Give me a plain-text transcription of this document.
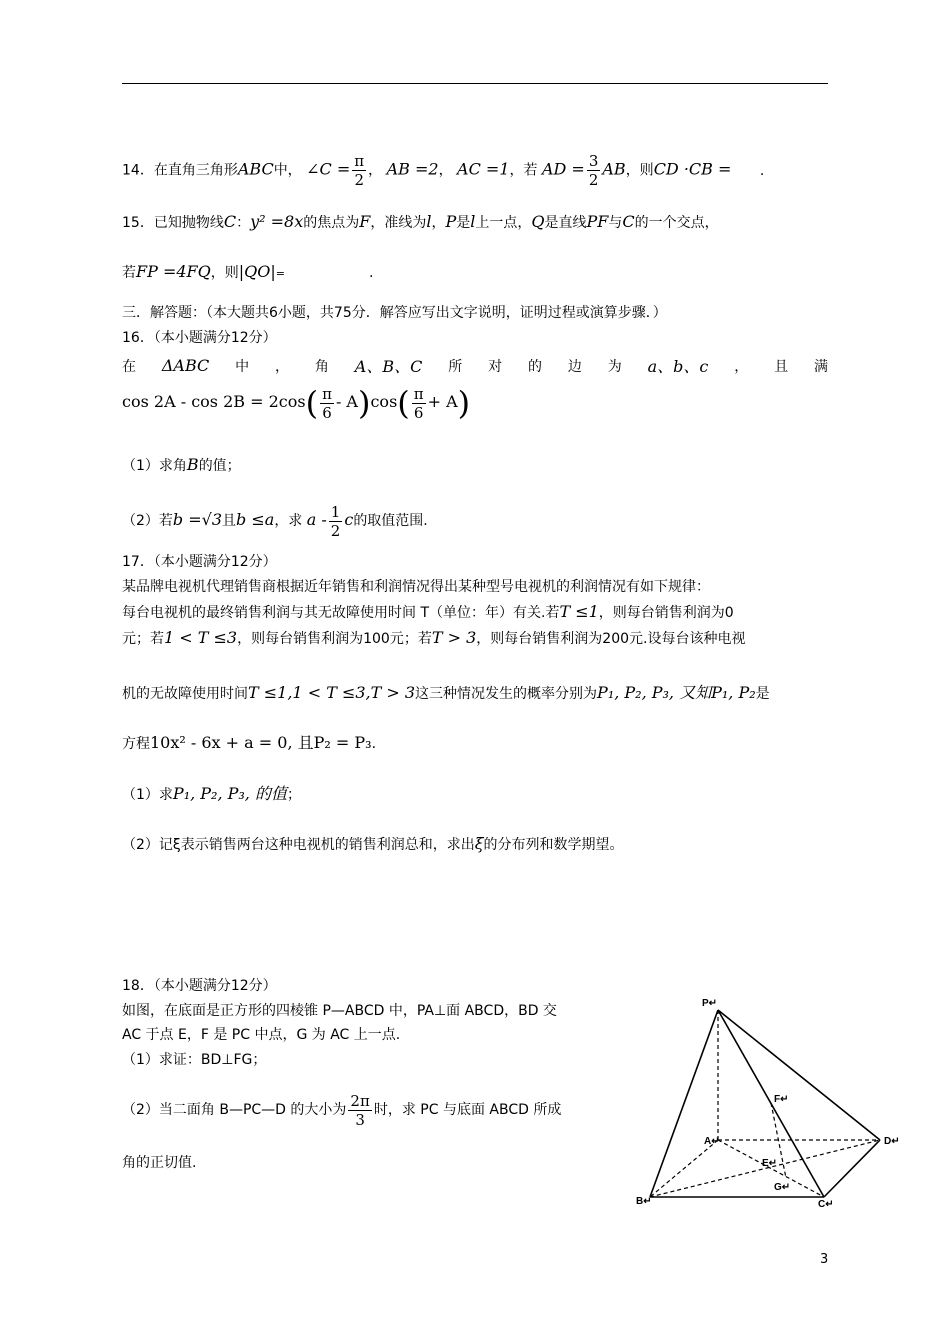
14．在直角三角形ABC中， ∠C = $\frac{\pi}{2}$ ， AB =2， AC =1，若 AD = $\frac{3}{2}$ AB，则CD ·CB = .
15．已知抛物线C：y² =8x的焦点为F，准线为l，P是l上一点，Q是直线PF与C的一个交点，
若FP =4FQ，则|QO|=	.
三．解答题：（本大题共6小题，共75分．解答应写出文字说明，证明过程或演算步骤．）
16．（本小题满分12分）
在 ΔABC 中 ， 角 A、B、C 所 对 的 边 为 a、b、c ， 且 满
$\cos 2A - \cos 2B = 2\cos( \frac{\pi}{6} - A)\cos( \frac{\pi}{6} + A)$
（1）求角B的值；
（2）若b =√3且b ≤a，求 a - $\frac{1}{2}$ c的取值范围.
17．（本小题满分12分）
某品牌电视机代理销售商根据近年销售和利润情况得出某种型号电视机的利润情况有如下规律：
每台电视机的最终销售利润与其无故障使用时间 T（单位：年）有关.若T ≤1，则每台销售利润为0
元；若1 < T ≤3，则每台销售利润为100元；若T > 3，则每台销售利润为200元.设每台该种电视
机的无故障使用时间T ≤1,1 < T ≤3,T > 3这三种情况发生的概率分别为P₁, P₂, P₃, 又知P₁, P₂是
方程10x² - 6x + a = 0, 且P₂ = P₃.
（1）求P₁, P₂, P₃, 的值；
（2）记ξ表示销售两台这种电视机的销售利润总和，求出ξ的分布列和数学期望。
18．（本小题满分12分）
如图，在底面是正方形的四棱锥 P—ABCD 中，PA⊥面 ABCD，BD 交
AC 于点 E，F 是 PC 中点，G 为 AC 上一点.
（1）求证：BD⊥FG；
（2）当二面角 B—PC—D 的大小为 $\frac{2\pi}{3}$ 时，求 PC 与底面 ABCD 所成
角的正切值.
P↵
A↵
B↵	C↵
D↵
E↵
F↵
G↵
3
